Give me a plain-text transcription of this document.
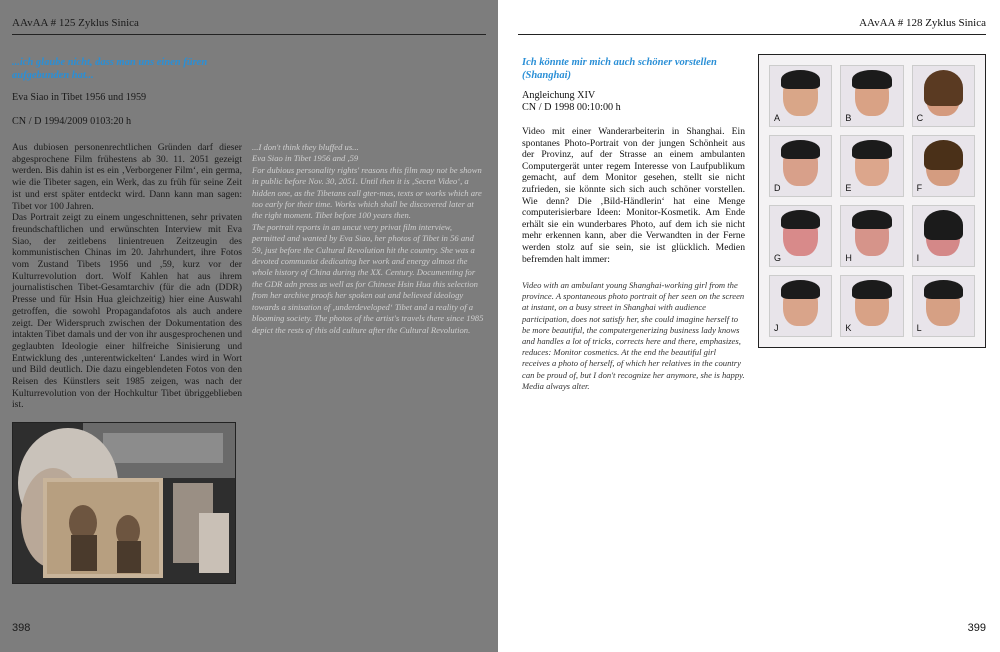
AAvAA # 125 Zyklus Sinica
...ich glaube nicht, dass man uns einen füren aufgebunden hat...
Eva Siao in Tibet 1956 und 1959
CN / D 1994/2009 0103:20 h
Aus dubiosen personenrechtlichen Gründen darf dieser abgesprochene Film frühestens ab 30. 11. 2051 gezeigt werden. Bis dahin ist es ein ‚Verborgener Film‘, ein germa, wie die Tibeter sagen, ein Werk, das zu früh für seine Zeit ist und erst später entdeckt wird. Dann kann man sagen: Tibet vor 100 Jahren.
Das Portrait zeigt zu einem ungeschnittenen, sehr privaten freundschaftlichen und erwünschten Interview mit Eva Siao, der zeitlebens linientreuen Zeitzeugin des kommunistischen Chinas im 20. Jahrhundert, ihre Fotos vom Zustand Tibets 1956 und ,59, kurz vor der Kulturrevolution dort. Wolf Kahlen hat aus ihrem journalistischen Tibet-Gesamtarchiv (für die adn (DDR) Presse und für Hsin Hua gleichzeitig) hier eine Auswahl getroffen, die sowohl Propagandafotos als auch andere zeigt. Der Widerspruch zwischen der Dokumentation des intakten Tibet damals und der von ihr ausgesprochenen und geglaubten Ideologie einer hilfreiche Sinisierung und Entwicklung des ‚unterentwickelten‘ Landes wird in Wort und Bild deutlich. Die dazu eingeblendeten Fotos von den Reisen des Künstlers seit 1985 zeigen, was nach der Kulturrevolution von der Hochkultur Tibet übriggeblieben ist.
...I don't think they bluffed us...
Eva Siao in Tibet 1956 and ,59
For dubious personality rights' reasons this film may not be shown in public before Nov. 30, 2051. Until then it is ‚Secret Video‘, a hidden one, as the Tibetans call gter-mas, texts or works which are too early for their time. Works which shall be discovered later at the right moment. Tibet before 100 years then.
The portrait reports in an uncut very privat film interview, permitted and wanted by Eva Siao, her photos of Tibet in 56 and 59, just before the Cultural Revolution hit the country. She was a devoted communist dedicating her work and energy almost the whole history of China during the XX. Century. Documenting for the GDR adn press as well as for Chinese Hsin Hua this selection from her archive proofs her spoken out and believed ideology towards a sinisation of ‚underdeveloped‘ Tibet and a reality of a blooming society. The photos of the artist's travels there since 1985 depict the rests of this old culture after the Cultural Revolution.
398
AAvAA # 128 Zyklus Sinica
Ich könnte mir mich auch schöner vorstellen (Shanghai)
Angleichung XIV
CN / D 1998 00:10:00 h
Video mit einer Wanderarbeiterin in Shanghai. Ein spontanes Photo-Portrait von der jungen Schönheit aus der Provinz, auf der Strasse an einem ambulanten Computergerät unter regem Interesse von Laufpublikum gemacht, auf dem Monitor gesehen, stellt sie nicht zufrieden, sie könnte sich sich auch schöner vorstellen. Wie denn? Die ‚Bild-Händlerin‘ hat eine Menge computerisierbare Ideen: Monitor-Kosmetik. Am Ende erhält sie ein wunderbares Photo, auf dem ich sie nicht mehr erkennen kann, aber die Verwandten in der Ferne werden stolz auf sie sein, sie ist glücklich. Medien befremden halt immer:
Video with an ambulant young Shanghai-working girl from the province. A spontaneous photo portrait of her seen on the screen at instant, on a busy street in Shanghai with audience participation, does not satisfy her, she could imagine herself to be more beautiful, the computergenerizing business lady knows and handles a lot of tricks, corrects here and there, emphasizes, reduces: Monitor cosmetics. At the end the beautiful girl receives a photo of herself, of which her relatives in the country can be proud of, but I don't recognize her anymore, she is happy. Media always alter.
A	B	C
D	E	F
G	H	I
J	K	L
399
